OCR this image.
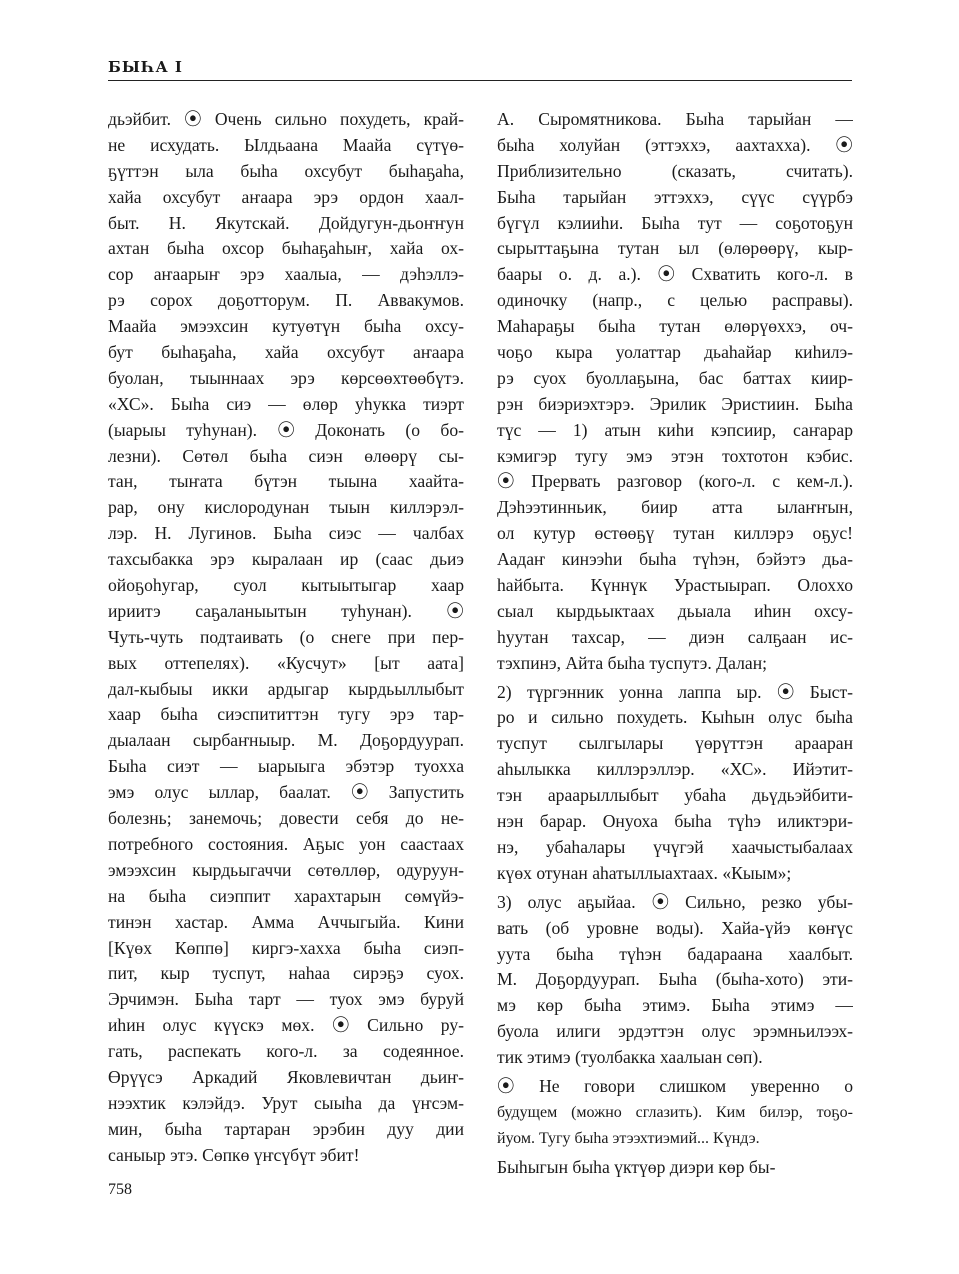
БЫҺА I
дьэйбит. ⦿ Очень сильно похудеть, край-
не исхудать. Ылдьаана Маайа сүтүө-
ҕүттэн ыла быһа охсубут быһаҕаһа,
хайа охсубут аҥаара эрэ ордон хаал-
быт. Н. Якутскай. Дойдугун-дьоҥҥун
ахтан быһа охсор быһаҕаһыҥ, хайа ох-
сор аҥаарыҥ эрэ хаалыа, — дэһэллэ-
рэ сорох доҕотторум. П. Аввакумов.
Маайа эмээхсин кутуөтүн быһа охсу-
бут быһаҕаһа, хайа охсубут аҥаара
буолан, тыыннаах эрэ көрсөөхтөөбүтэ.
«ХС». Быһа сиэ — өлөр уһукка тиэрт
(ыарыы туһунан). ⦿ Доконать (о бо-
лезни). Сөтөл быһа сиэн өлөөрү сы-
тан, тыҥата бүтэн тыына хаайта-
рар, ону кислородунан тыын киллэрэл-
лэр. Н. Лугинов. Быһа сиэс — чалбах
тахсыбакка эрэ кыралаан ир (саас дьиэ
ойоҕоһугар, суол кытыытыгар хаар
ириитэ саҕаланыытын туһунан). ⦿
Чуть-чуть подтаивать (о снеге при пер-
вых оттепелях). «Кусчут» [ыт аата]
дал-кыбыы икки ардыгар кырдьыллыбыт
хаар быһа сиэспититтэн тугу эрэ тар-
дыалаан сырбаҥныыр. М. Доҕордуурап.
Быһа сиэт — ыарыыга эбэтэр туохха
эмэ олус ыллар, баалат. ⦿ Запустить
болезнь; занемочь; довести себя до не-
потребного состояния. Аҕыс уон саастаах
эмээхсин кырдьыгаччи сөтөллөр, одуруун-
на быһа сиэппит харахтарын сөмүйэ-
тинэн хастар. Амма Аччыгыйа. Кини
[Күөх Көппө] киргэ-хахха быһа сиэп-
пит, кыр туспут, наһаа сирэҕэ суох.
Эрчимэн. Быһа тарт — туох эмэ буруй
иһин олус күүскэ мөх. ⦿ Сильно ру-
гать, распекать кого-л. за содеянное.
Өрүүсэ Аркадий Яковлевичтан дьиҥ-
нээхтик кэлэйдэ. Урут сыыһа да үҥсэм-
мин, быһа тартаран эрэбин дуу дии
саныыр этэ. Сөпкө үҥсүбүт эбит!
А. Сыромятникова. Быһа тарыйан —
быһа холуйан (эттэххэ, аахтахха). ⦿
Приблизительно (сказать, считать).
Быһа тарыйан эттэххэ, сүүс сүүрбэ
бүгүл кэлииһи. Быһа тут — соҕотоҕун
сырыттаҕына тутан ыл (өлөрөөрү, кыр-
баары о. д. а.). ⦿ Схватить кого-л. в
одиночку (напр., с целью расправы).
Маһараҕы быһа тутан өлөрүөххэ, оч-
чоҕо кыра уолаттар дьаһайар киһилэ-
рэ суох буоллаҕына, бас баттах киир-
рэн биэриэхтэрэ. Эрилик Эристиин. Быһа
түс — 1) атын киһи кэпсиир, саҥарар
кэмигэр тугу эмэ этэн тохтотон кэбис.
⦿ Прервать разговор (кого-л. с кем-л.).
Дэһээтинньик, биир атта ылаҥҥын,
ол кутур өстөөҕү тутан киллэрэ оҕус!
Аадаҥ кинээһи быһа түһэн, бэйэтэ дьа-
һайбыта. Күннүк Урастыырап. Олоххо
сыал кырдьыктаах дьыала иһин охсу-
һуутан тахсар, — диэн салҕаан ис-
тэхпинэ, Айта быһа туспутэ. Далан;
2) түргэнник уонна лаппа ыр. ⦿ Быст-
ро и сильно похудеть. Кыһын олус быһа
туспут сылгылары үөрүттэн арааран
аһылыкка киллэрэллэр. «ХС». Ийэтит-
тэн араарыллыбыт убаһа дьүдьэйбити-
нэн барар. Онуоха быһа түһэ иликтэри-
нэ, убаһалары үчүгэй хаачыстыбалаах
күөх отунан аһатыллыахтаах. «Кыым»;
3) олус аҕыйаа. ⦿ Сильно, резко убы-
вать (об уровне воды). Хайа-үйэ көҥүс
уута быһа түһэн бадараана хаалбыт.
М. Доҕордуурап. Быһа (быһа-хото) эти-
мэ көр быһа этимэ. Быһа этимэ —
буола илиги эрдэттэн олус эрэмньилээх-
тик этимэ (туолбакка хаалыан сөп).
⦿ Не говори слишком уверенно о
будущем (можно сглазить). Ким билэр, тоҕо-
йуом. Тугу быһа этээхтиэмий... Күндэ.
Быһыгын быһа үктүөр диэри көр бы-
758
